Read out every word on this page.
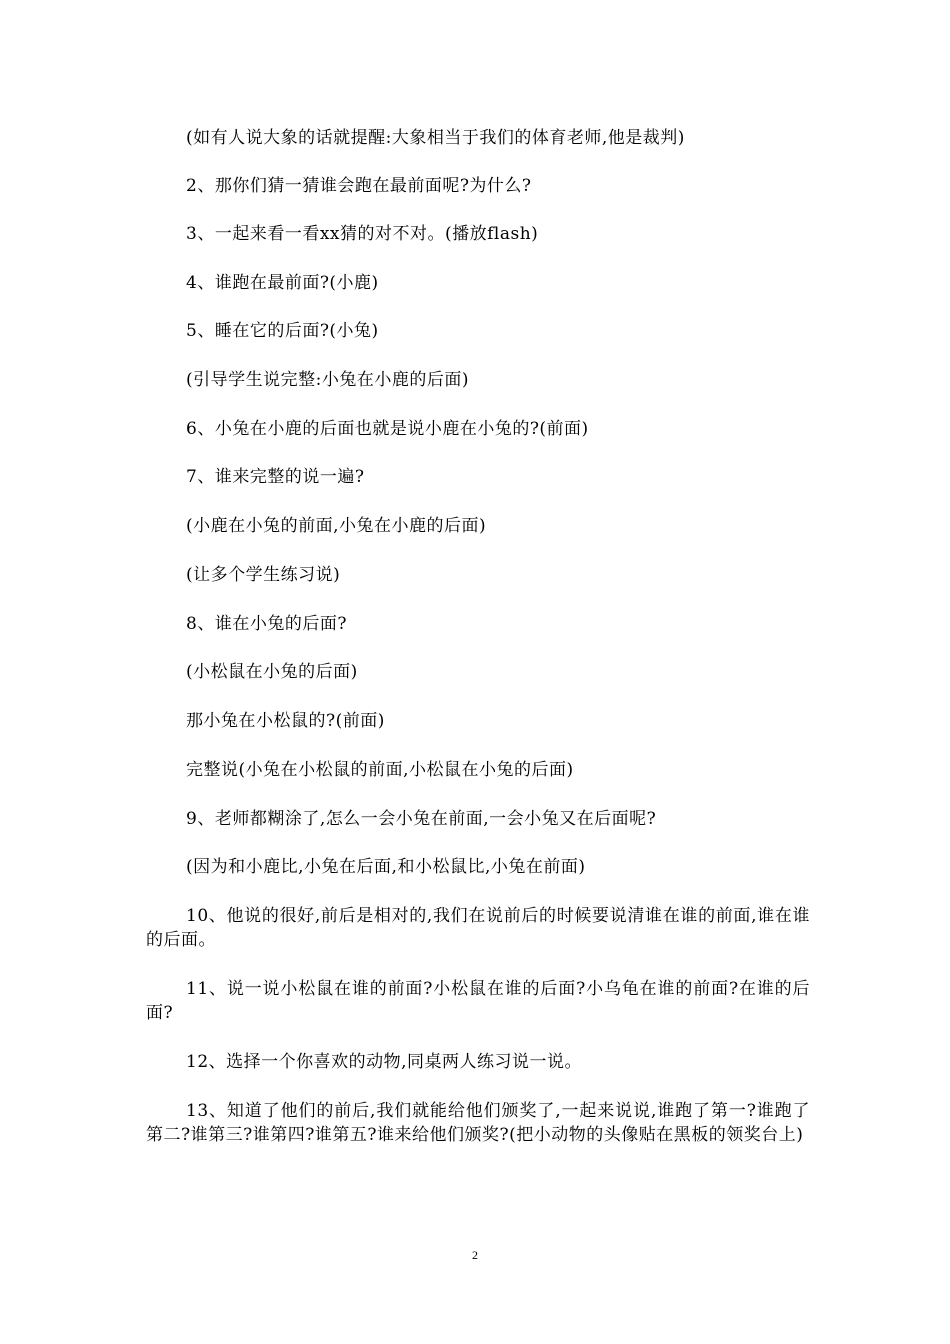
(如有人说大象的话就提醒:大象相当于我们的体育老师,他是裁判)
2、那你们猜一猜谁会跑在最前面呢?为什么?
3、一起来看一看xx猜的对不对。(播放flash)
4、谁跑在最前面?(小鹿)
5、睡在它的后面?(小兔)
(引导学生说完整:小兔在小鹿的后面)
6、小兔在小鹿的后面也就是说小鹿在小兔的?(前面)
7、谁来完整的说一遍?
(小鹿在小兔的前面,小兔在小鹿的后面)
(让多个学生练习说)
8、谁在小兔的后面?
(小松鼠在小兔的后面)
那小兔在小松鼠的?(前面)
完整说(小兔在小松鼠的前面,小松鼠在小兔的后面)
9、老师都糊涂了,怎么一会小兔在前面,一会小兔又在后面呢?
(因为和小鹿比,小兔在后面,和小松鼠比,小兔在前面)
10、他说的很好,前后是相对的,我们在说前后的时候要说清谁在谁的前面,谁在谁的后面。
11、说一说小松鼠在谁的前面?小松鼠在谁的后面?小乌龟在谁的前面?在谁的后面?
12、选择一个你喜欢的动物,同桌两人练习说一说。
13、知道了他们的前后,我们就能给他们颁奖了,一起来说说,谁跑了第一?谁跑了第二?谁第三?谁第四?谁第五?谁来给他们颁奖?(把小动物的头像贴在黑板的领奖台上)
2
